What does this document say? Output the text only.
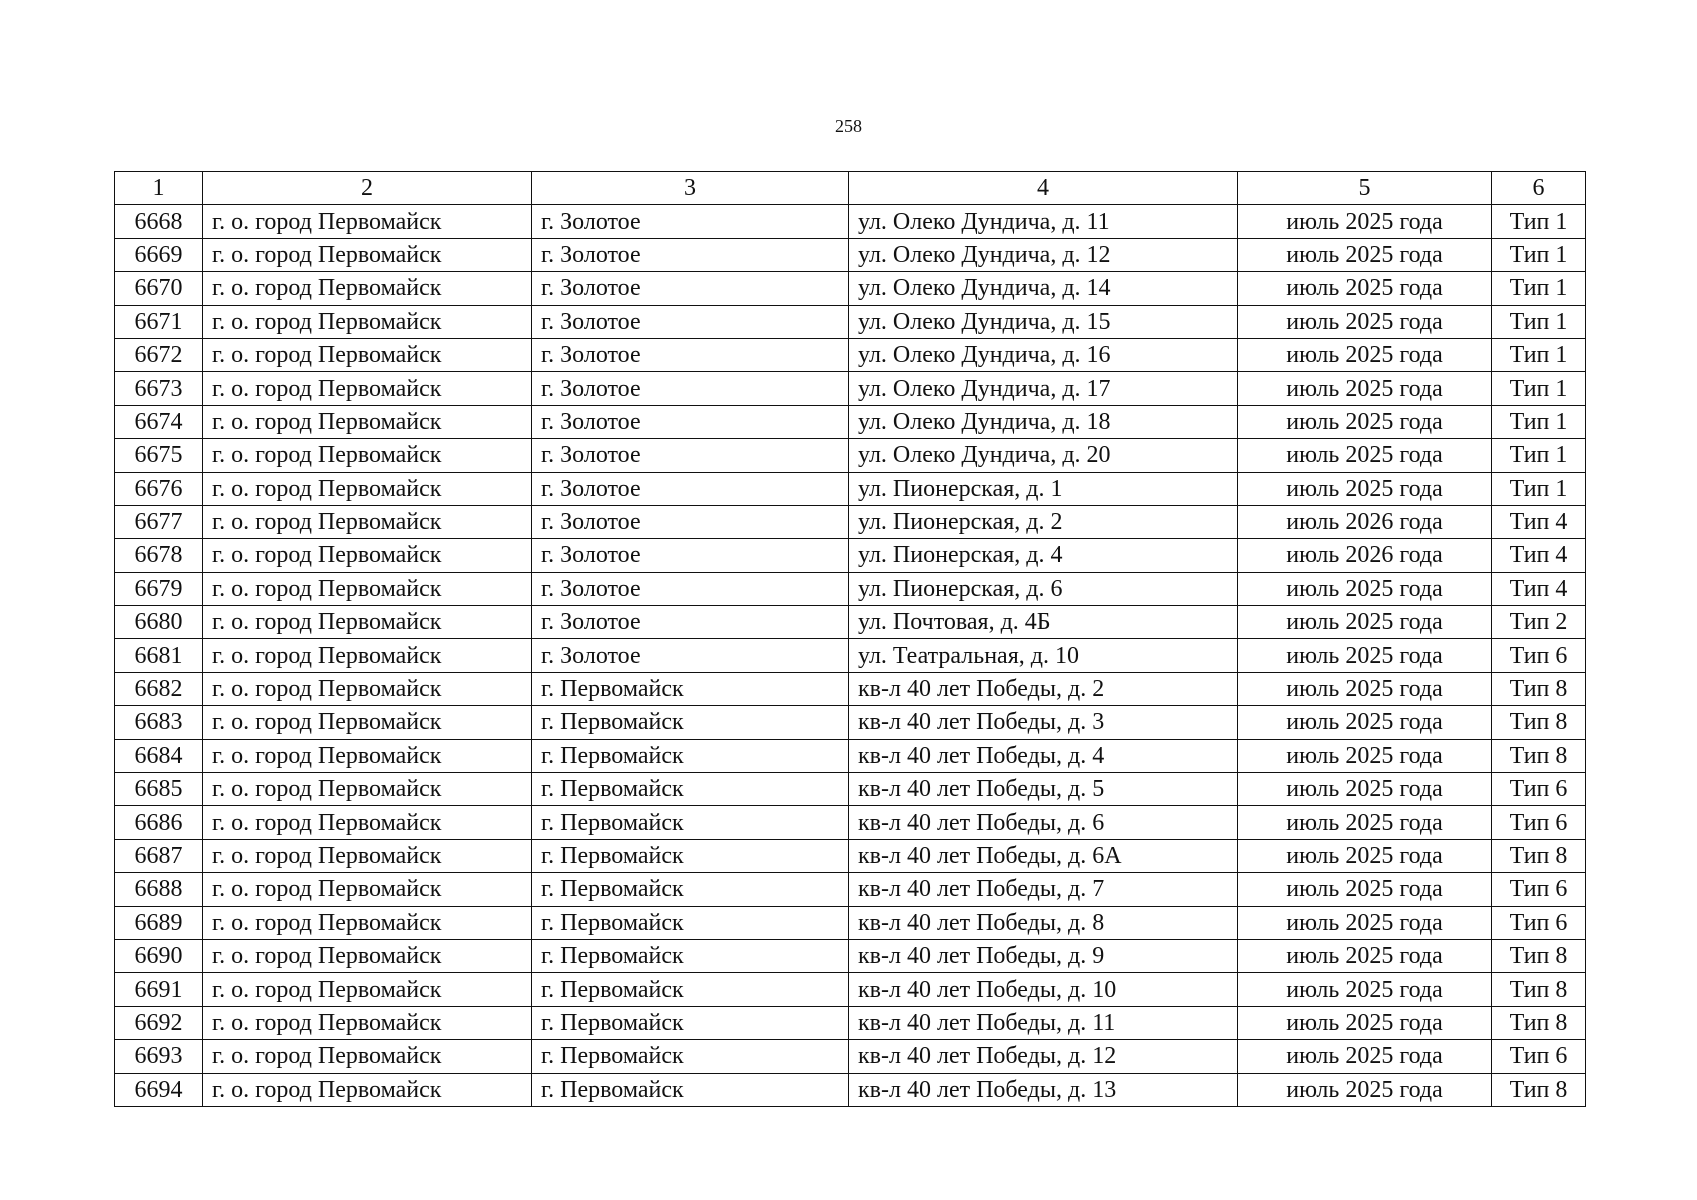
258
1	2	3	4	5	6
6668	г. о. город Первомайск	г. Золотое	ул. Олеко Дундича, д. 11	июль 2025 года	Тип 1
6669	г. о. город Первомайск	г. Золотое	ул. Олеко Дундича, д. 12	июль 2025 года	Тип 1
6670	г. о. город Первомайск	г. Золотое	ул. Олеко Дундича, д. 14	июль 2025 года	Тип 1
6671	г. о. город Первомайск	г. Золотое	ул. Олеко Дундича, д. 15	июль 2025 года	Тип 1
6672	г. о. город Первомайск	г. Золотое	ул. Олеко Дундича, д. 16	июль 2025 года	Тип 1
6673	г. о. город Первомайск	г. Золотое	ул. Олеко Дундича, д. 17	июль 2025 года	Тип 1
6674	г. о. город Первомайск	г. Золотое	ул. Олеко Дундича, д. 18	июль 2025 года	Тип 1
6675	г. о. город Первомайск	г. Золотое	ул. Олеко Дундича, д. 20	июль 2025 года	Тип 1
6676	г. о. город Первомайск	г. Золотое	ул. Пионерская, д. 1	июль 2025 года	Тип 1
6677	г. о. город Первомайск	г. Золотое	ул. Пионерская, д. 2	июль 2026 года	Тип 4
6678	г. о. город Первомайск	г. Золотое	ул. Пионерская, д. 4	июль 2026 года	Тип 4
6679	г. о. город Первомайск	г. Золотое	ул. Пионерская, д. 6	июль 2025 года	Тип 4
6680	г. о. город Первомайск	г. Золотое	ул. Почтовая, д. 4Б	июль 2025 года	Тип 2
6681	г. о. город Первомайск	г. Золотое	ул. Театральная, д. 10	июль 2025 года	Тип 6
6682	г. о. город Первомайск	г. Первомайск	кв-л 40 лет Победы, д. 2	июль 2025 года	Тип 8
6683	г. о. город Первомайск	г. Первомайск	кв-л 40 лет Победы, д. 3	июль 2025 года	Тип 8
6684	г. о. город Первомайск	г. Первомайск	кв-л 40 лет Победы, д. 4	июль 2025 года	Тип 8
6685	г. о. город Первомайск	г. Первомайск	кв-л 40 лет Победы, д. 5	июль 2025 года	Тип 6
6686	г. о. город Первомайск	г. Первомайск	кв-л 40 лет Победы, д. 6	июль 2025 года	Тип 6
6687	г. о. город Первомайск	г. Первомайск	кв-л 40 лет Победы, д. 6А	июль 2025 года	Тип 8
6688	г. о. город Первомайск	г. Первомайск	кв-л 40 лет Победы, д. 7	июль 2025 года	Тип 6
6689	г. о. город Первомайск	г. Первомайск	кв-л 40 лет Победы, д. 8	июль 2025 года	Тип 6
6690	г. о. город Первомайск	г. Первомайск	кв-л 40 лет Победы, д. 9	июль 2025 года	Тип 8
6691	г. о. город Первомайск	г. Первомайск	кв-л 40 лет Победы, д. 10	июль 2025 года	Тип 8
6692	г. о. город Первомайск	г. Первомайск	кв-л 40 лет Победы, д. 11	июль 2025 года	Тип 8
6693	г. о. город Первомайск	г. Первомайск	кв-л 40 лет Победы, д. 12	июль 2025 года	Тип 6
6694	г. о. город Первомайск	г. Первомайск	кв-л 40 лет Победы, д. 13	июль 2025 года	Тип 8
